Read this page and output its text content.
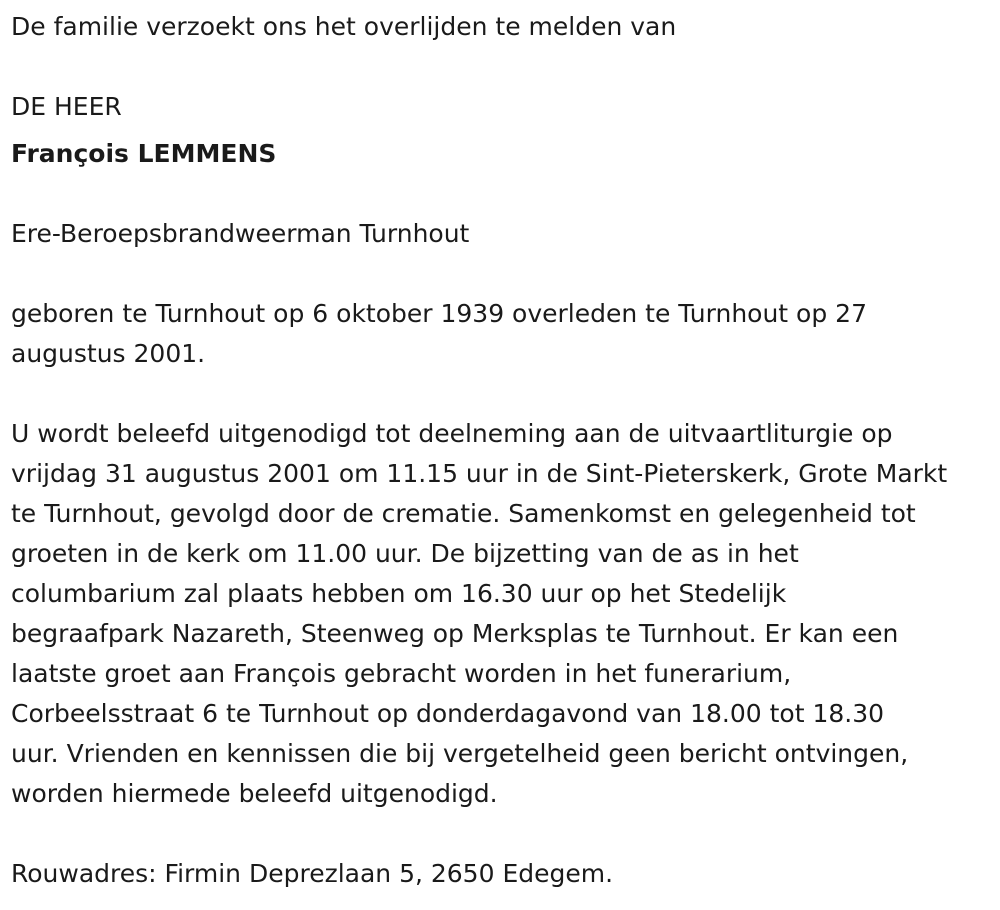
De familie verzoekt ons het overlijden te melden van
DE HEER
François LEMMENS
Ere-Beroepsbrandweerman Turnhout
geboren te Turnhout op 6 oktober 1939 overleden te Turnhout op 27
augustus 2001.
U wordt beleefd uitgenodigd tot deelneming aan de uitvaartliturgie op
vrijdag 31 augustus 2001 om 11.15 uur in de Sint-Pieterskerk, Grote Markt
te Turnhout, gevolgd door de crematie. Samenkomst en gelegenheid tot
groeten in de kerk om 11.00 uur. De bijzetting van de as in het
columbarium zal plaats hebben om 16.30 uur op het Stedelijk
begraafpark Nazareth, Steenweg op Merksplas te Turnhout. Er kan een
laatste groet aan François gebracht worden in het funerarium,
Corbeelsstraat 6 te Turnhout op donderdagavond van 18.00 tot 18.30
uur. Vrienden en kennissen die bij vergetelheid geen bericht ontvingen,
worden hiermede beleefd uitgenodigd.
Rouwadres: Firmin Deprezlaan 5, 2650 Edegem.
